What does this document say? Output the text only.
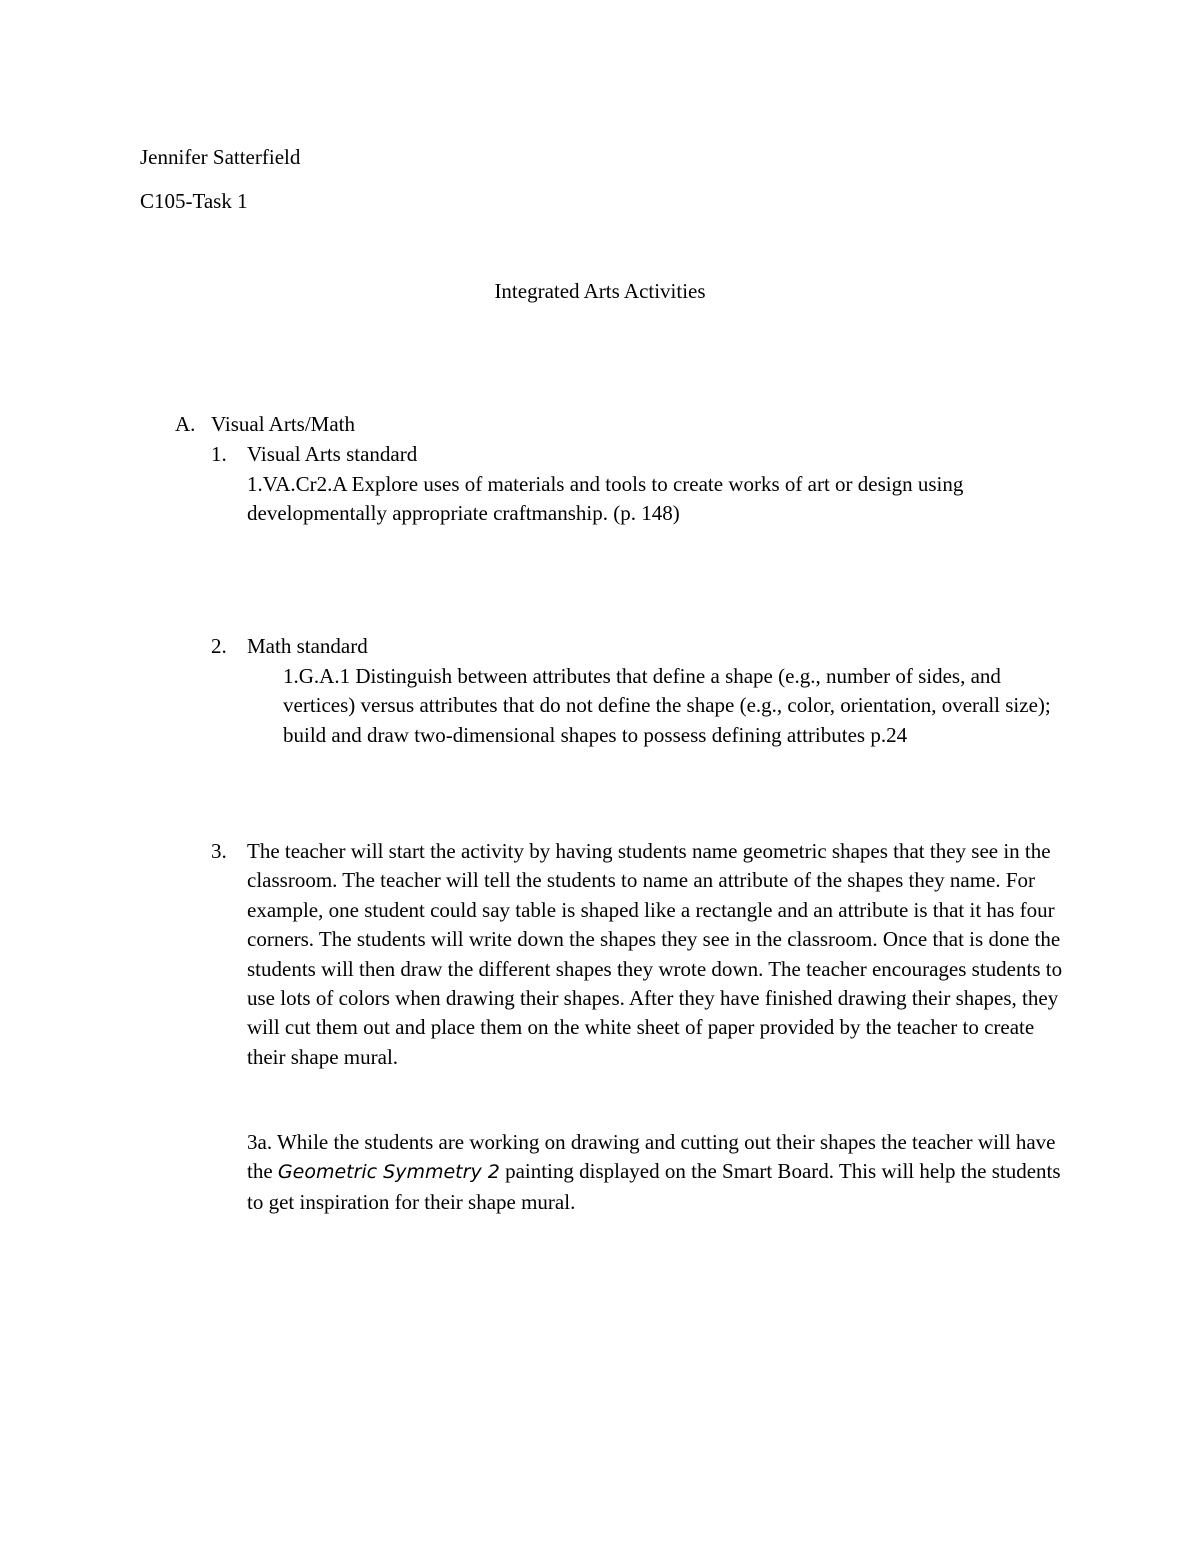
Jennifer Satterfield
C105-Task 1
Integrated Arts Activities
A. Visual Arts/Math
1. Visual Arts standard
1.VA.Cr2.A Explore uses of materials and tools to create works of art or design using developmentally appropriate craftmanship. (p. 148)
2. Math standard
1.G.A.1 Distinguish between attributes that define a shape (e.g., number of sides, and vertices) versus attributes that do not define the shape (e.g., color, orientation, overall size); build and draw two-dimensional shapes to possess defining attributes p.24
3. The teacher will start the activity by having students name geometric shapes that they see in the classroom. The teacher will tell the students to name an attribute of the shapes they name. For example, one student could say table is shaped like a rectangle and an attribute is that it has four corners. The students will write down the shapes they see in the classroom. Once that is done the students will then draw the different shapes they wrote down. The teacher encourages students to use lots of colors when drawing their shapes. After they have finished drawing their shapes, they will cut them out and place them on the white sheet of paper provided by the teacher to create their shape mural.
3a. While the students are working on drawing and cutting out their shapes the teacher will have the Geometric Symmetry 2 painting displayed on the Smart Board. This will help the students to get inspiration for their shape mural.
